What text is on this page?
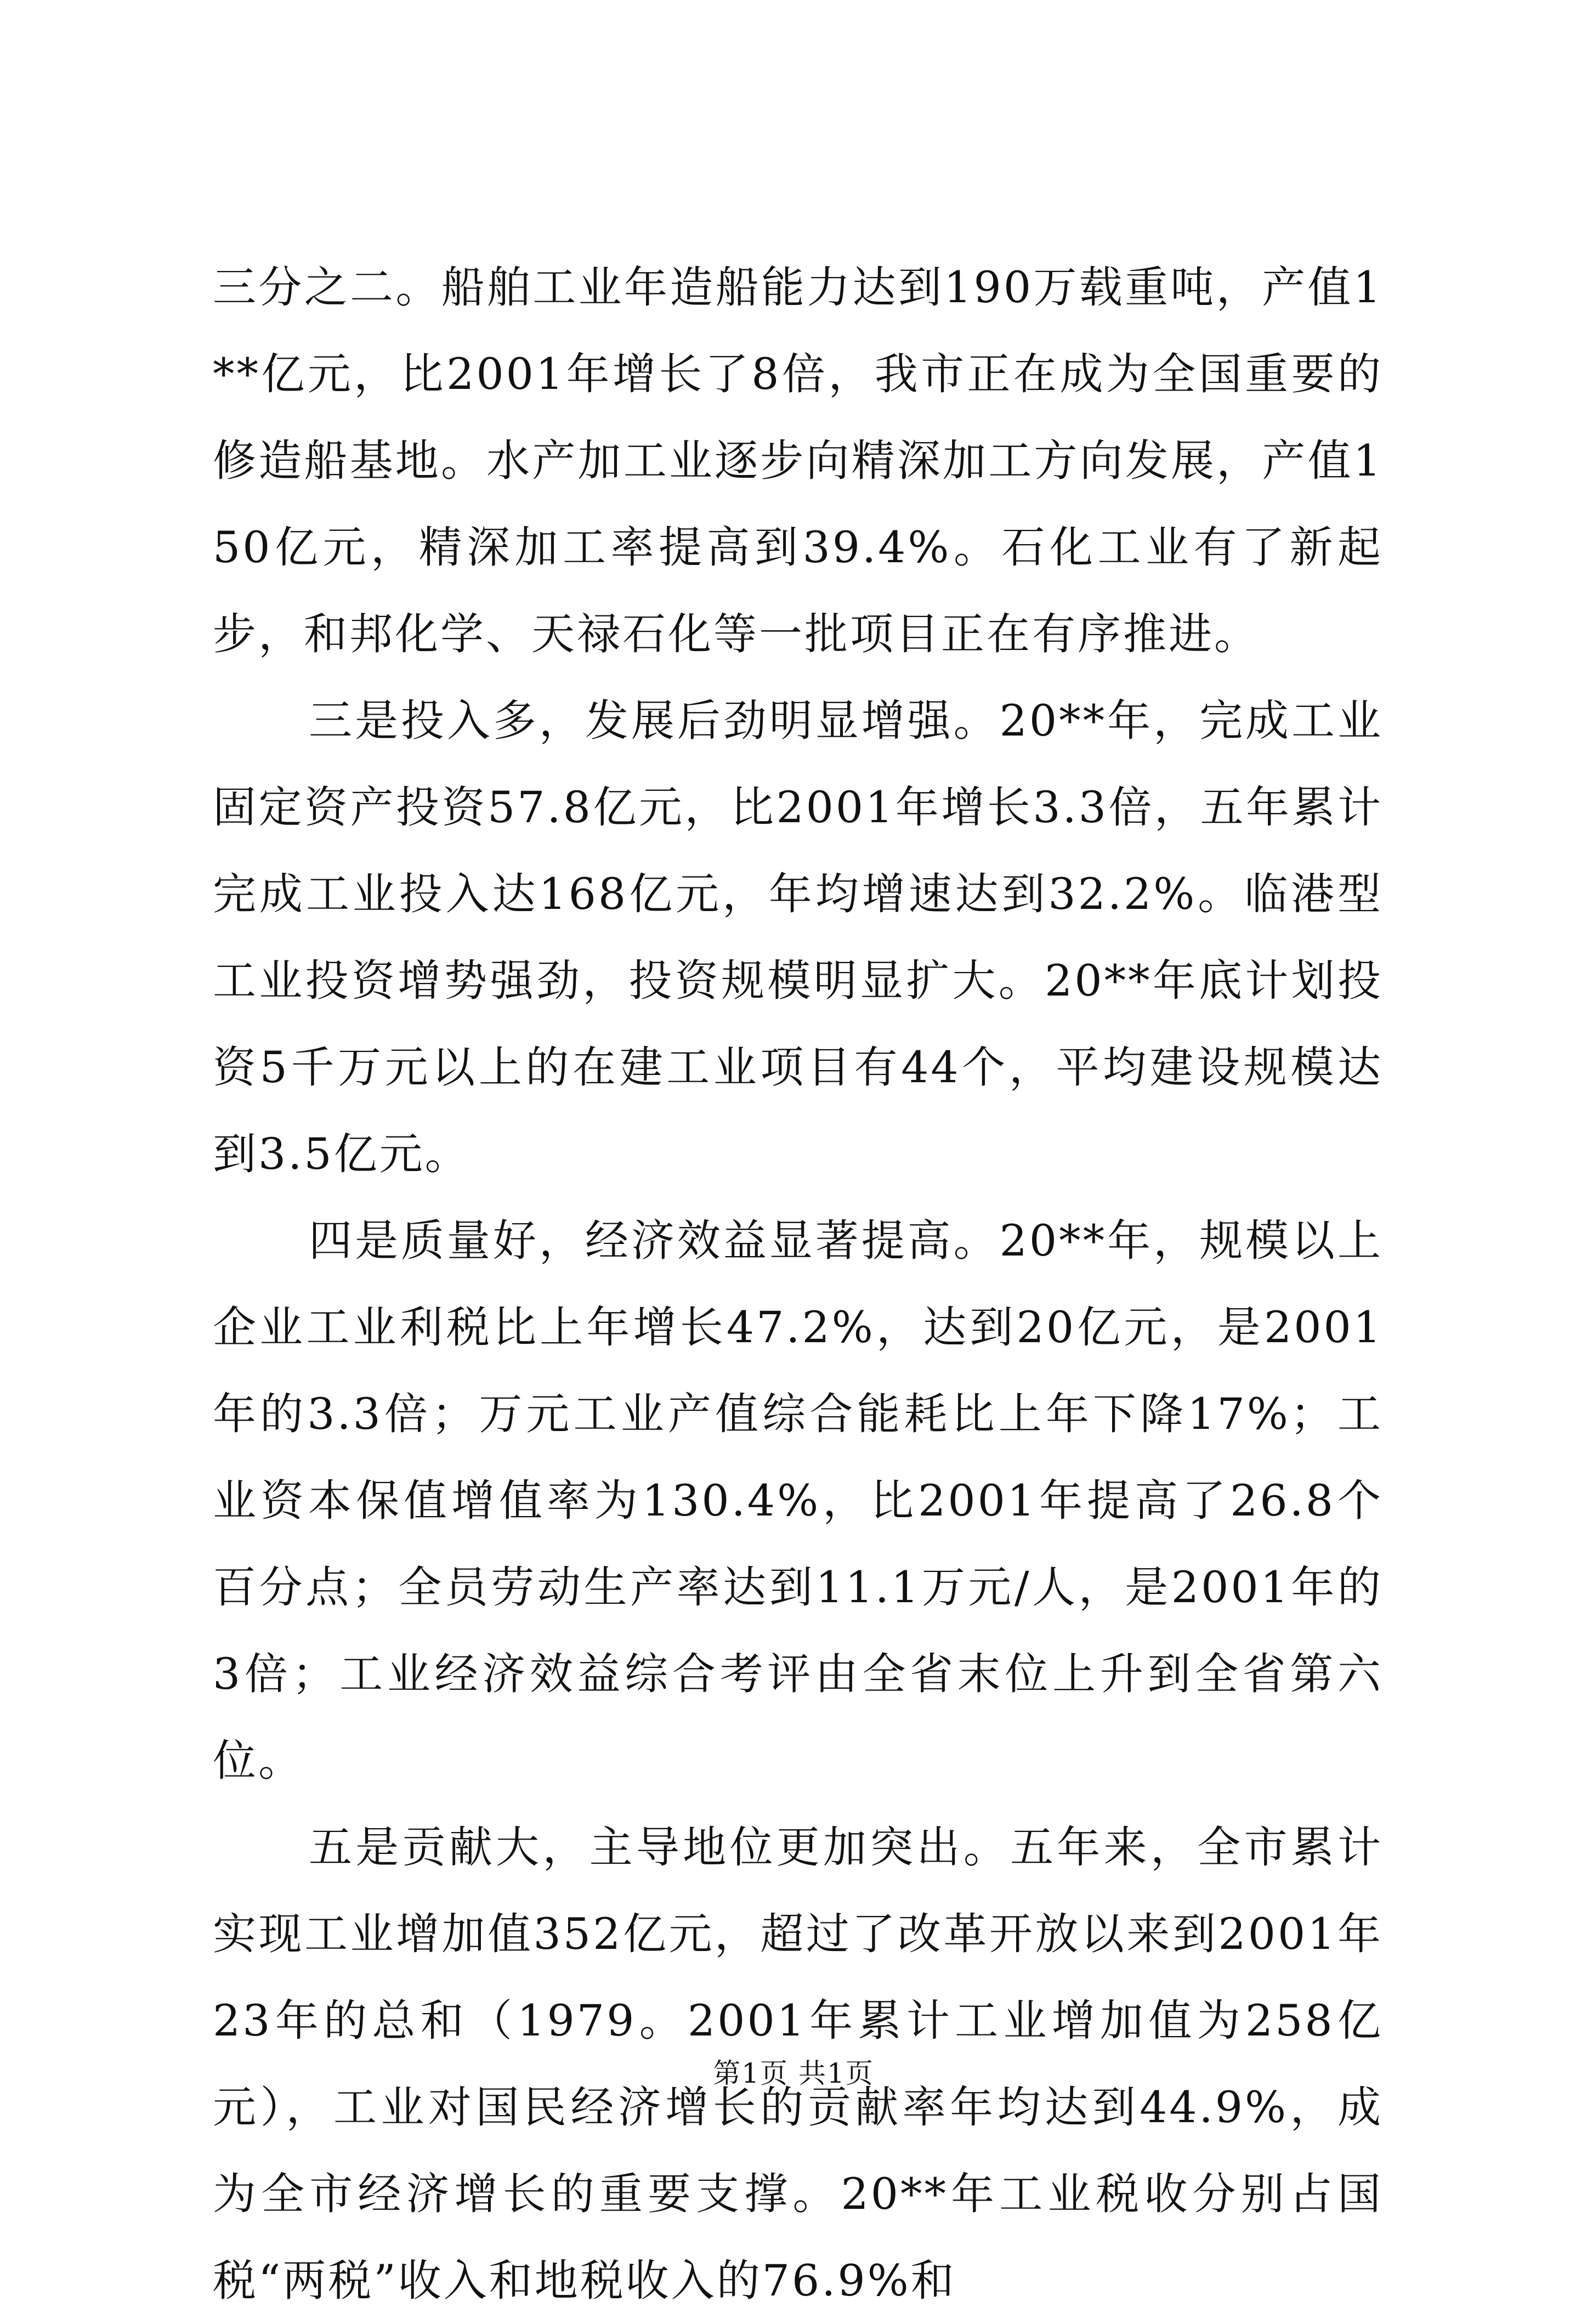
三分之二。船舶工业年造船能力达到190万载重吨，产值1**亿元，比2001年增长了8倍，我市正在成为全国重要的修造船基地。水产加工业逐步向精深加工方向发展，产值150亿元，精深加工率提高到39.4%。石化工业有了新起步，和邦化学、天禄石化等一批项目正在有序推进。

三是投入多，发展后劲明显增强。20**年，完成工业固定资产投资57.8亿元，比2001年增长3.3倍，五年累计完成工业投入达168亿元，年均增速达到32.2%。临港型工业投资增势强劲，投资规模明显扩大。20**年底计划投资5千万元以上的在建工业项目有44个，平均建设规模达到3.5亿元。

四是质量好，经济效益显著提高。20**年，规模以上企业工业利税比上年增长47.2%，达到20亿元，是2001年的3.3倍；万元工业产值综合能耗比上年下降17%；工业资本保值增值率为130.4%，比2001年提高了26.8个百分点；全员劳动生产率达到11.1万元/人，是2001年的3倍；工业经济效益综合考评由全省末位上升到全省第六位。

五是贡献大，主导地位更加突出。五年来，全市累计实现工业增加值352亿元，超过了改革开放以来到2001年23年的总和（1979。2001年累计工业增加值为258亿元），工业对国民经济增长的贡献率年均达到44.9%，成为全市经济增长的重要支撑。20**年工业税收分别占国税“两税”收入和地税收入的76.9%和

第1页 共1页
